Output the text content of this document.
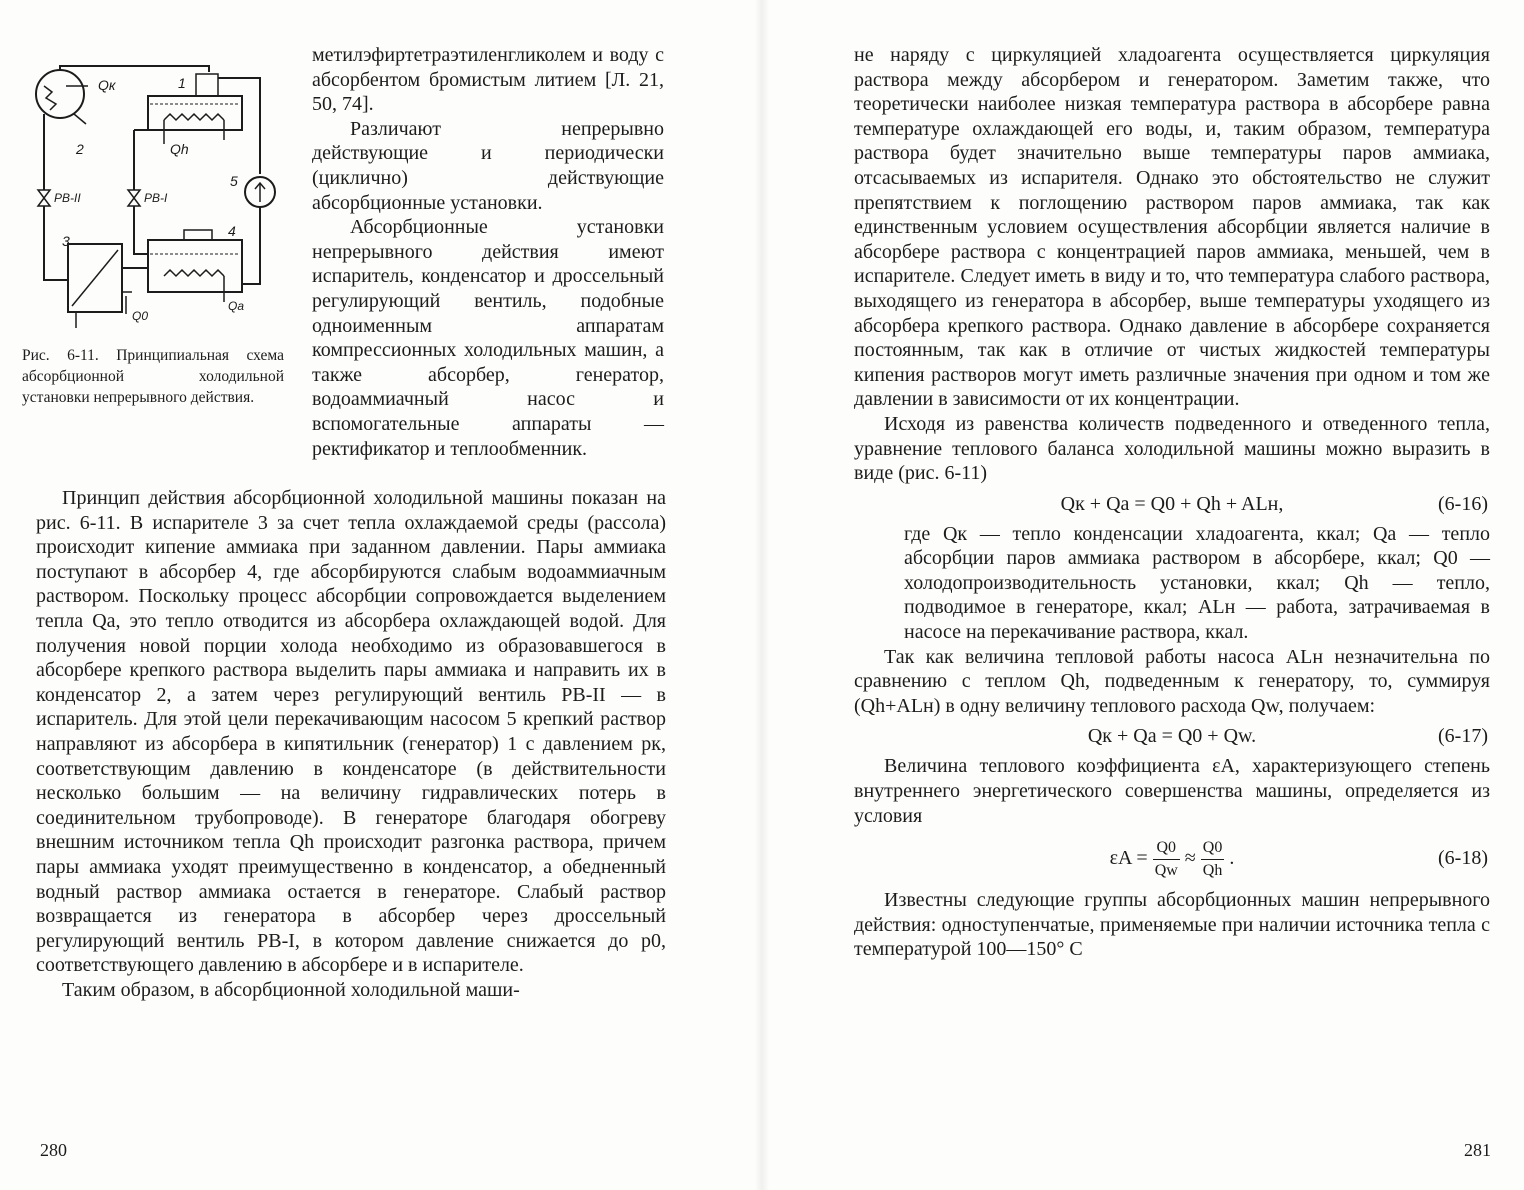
Qк	1
2	Qh
5
РВ-II	РВ-I
3
4
Qa
Q0
Рис. 6-11. Принципиальная схема абсорбционной холодильной установки непрерывного действия.

метилэфиртетраэтиленгликолем и воду с абсорбентом бромистым литием [Л. 21, 50, 74].

Различают непрерывно действующие и периодически (циклично) действующие абсорбционные установки.

Абсорбционные установки непрерывного действия имеют испаритель, конденсатор и дроссельный регулирующий вентиль, подобные одноименным аппаратам компрессионных холодильных машин, а также абсорбер, генератор, водоаммиачный насос и вспомогательные аппараты — ректификатор и теплообменник.

Принцип действия абсорбционной холодильной машины показан на рис. 6-11. В испарителе 3 за счет тепла охлаждаемой среды (рассола) происходит кипение аммиака при заданном давлении. Пары аммиака поступают в абсорбер 4, где абсорбируются слабым водоаммиачным раствором. Поскольку процесс абсорбции сопровождается выделением тепла Qa, это тепло отводится из абсорбера охлаждающей водой. Для получения новой порции холода необходимо из образовавшегося в абсорбере крепкого раствора выделить пары аммиака и направить их в конденсатор 2, а затем через регулирующий вентиль РВ-II — в испаритель. Для этой цели перекачивающим насосом 5 крепкий раствор направляют из абсорбера в кипятильник (генератор) 1 с давлением pк, соответствующим давлению в конденсаторе (в действительности несколько большим — на величину гидравлических потерь в соединительном трубопроводе). В генераторе благодаря обогреву внешним источником тепла Qh происходит разгонка раствора, причем пары аммиака уходят преимущественно в конденсатор, а обедненный водный раствор аммиака остается в генераторе. Слабый раствор возвращается из генератора в абсорбер через дроссельный регулирующий вентиль РВ-I, в котором давление снижается до p0, соответствующего давлению в абсорбере и в испарителе.

Таким образом, в абсорбционной холодильной маши-

280

не наряду с циркуляцией хладоагента осуществляется циркуляция раствора между абсорбером и генератором. Заметим также, что теоретически наиболее низкая температура раствора в абсорбере равна температуре охлаждающей его воды, и, таким образом, температура раствора будет значительно выше температуры паров аммиака, отсасываемых из испарителя. Однако это обстоятельство не служит препятствием к поглощению раствором паров аммиака, так как единственным условием осуществления абсорбции является наличие в абсорбере раствора с концентрацией паров аммиака, меньшей, чем в испарителе. Следует иметь в виду и то, что температура слабого раствора, выходящего из генератора в абсорбер, выше температуры уходящего из абсорбера крепкого раствора. Однако давление в абсорбере сохраняется постоянным, так как в отличие от чистых жидкостей температуры кипения растворов могут иметь различные значения при одном и том же давлении в зависимости от их концентрации.

Исходя из равенства количеств подведенного и отведенного тепла, уравнение теплового баланса холодильной машины можно выразить в виде (рис. 6-11)

Qк + Qa = Q0 + Qh + ALн,	(6-16)

где Qк — тепло конденсации хладоагента, ккал; Qa — тепло абсорбции паров аммиака раствором в абсорбере, ккал; Q0 — холодопроизводительность установки, ккал; Qh — тепло, подводимое в генераторе, ккал; ALн — работа, затрачиваемая в насосе на перекачивание раствора, ккал.

Так как величина тепловой работы насоса ALн незначительна по сравнению с теплом Qh, подведенным к генератору, то, суммируя (Qh+ALн) в одну величину теплового расхода Qw, получаем:

Qк + Qa = Q0 + Qw.	(6-17)

Величина теплового коэффициента εA, характеризующего степень внутреннего энергетического совершенства машины, определяется из условия

$\varepsilon A = \frac{Q0}{Qw} \approx \frac{Q0}{Qh}$ .	(6-18)

Известны следующие группы абсорбционных машин непрерывного действия: одноступенчатые, применяемые при наличии источника тепла с температурой 100—150° C

281
